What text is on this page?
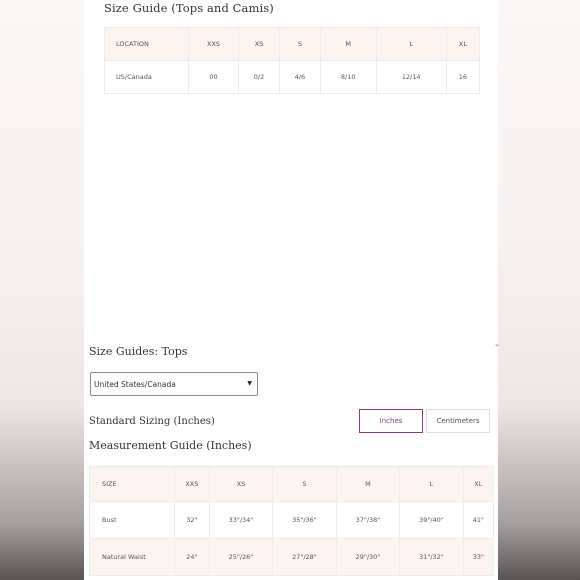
Size Guide (Tops and Camis)
LOCATION	XXS	XS	S	M	L	XL
US/Canada	00	0/2	4/6	8/10	12/14	16
⌄
Size Guides: Tops
United States/Canada	▼
Standard Sizing (Inches)	Inches	Centimeters
Measurement Guide (Inches)
SIZE	XXS	XS	S	M	L	XL
Bust	32"	33"/34"	35"/36"	37"/38"	39"/40"	41"
Natural Waist	24"	25"/26"	27"/28"	29"/30"	31"/32"	33"
